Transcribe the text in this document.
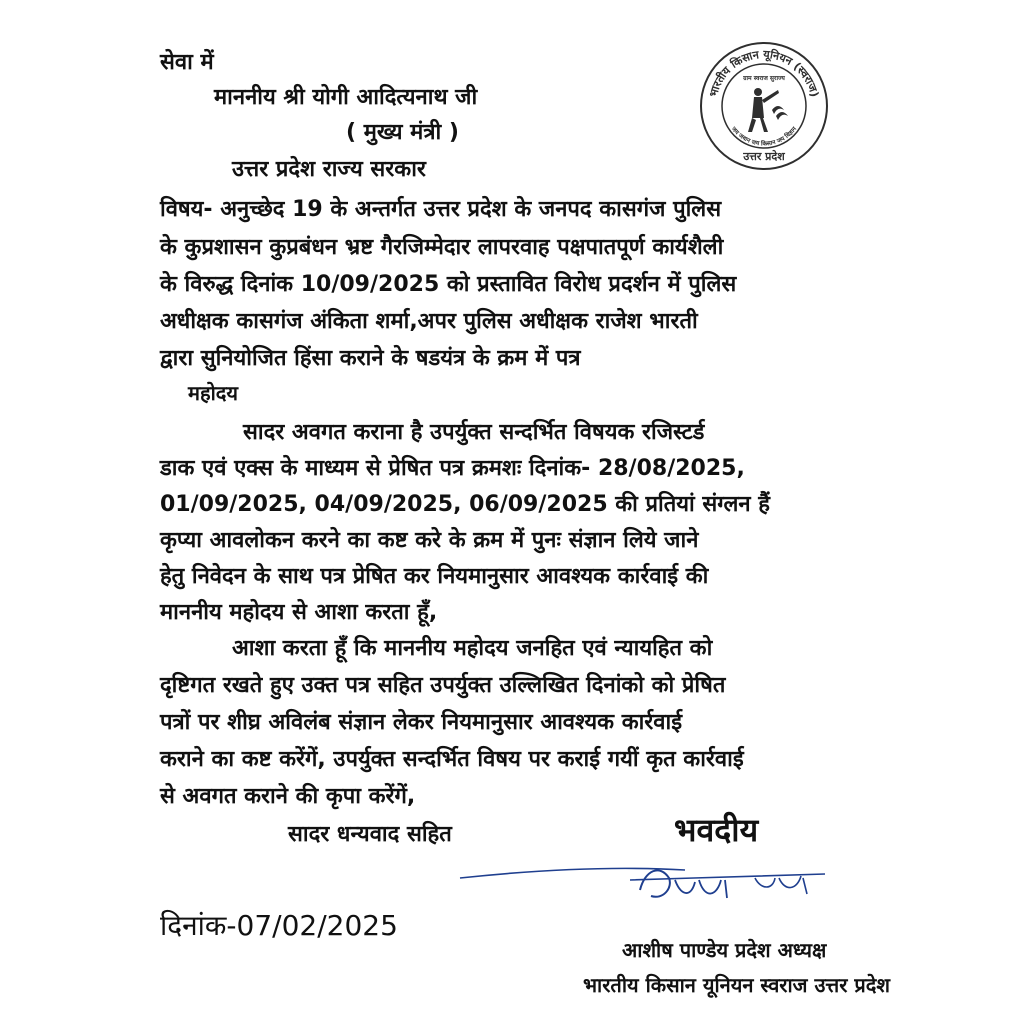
सेवा में
माननीय श्री योगी आदित्यनाथ जी
( मुख्य मंत्री )
उत्तर प्रदेश राज्य सरकार
भारतीय किसान यूनियन (स्वराज)
ग्राम स्वराज सुराज्य
जय जवान जय किसान जय विज्ञान
उत्तर प्रदेश
विषय- अनुच्छेद 19 के अन्तर्गत उत्तर प्रदेश के जनपद कासगंज पुलिस
के कुप्रशासन कुप्रबंधन भ्रष्ट गैरजिम्मेदार लापरवाह पक्षपातपूर्ण कार्यशैली
के विरुद्ध दिनांक 10/09/2025 को प्रस्तावित विरोध प्रदर्शन में पुलिस
अधीक्षक कासगंज अंकिता शर्मा,अपर पुलिस अधीक्षक राजेश भारती
द्वारा सुनियोजित हिंसा कराने के षडयंत्र के क्रम में पत्र
महोदय
सादर अवगत कराना है उपर्युक्त सन्दर्भित विषयक रजिस्टर्ड
डाक एवं एक्स के माध्यम से प्रेषित पत्र क्रमशः दिनांक- 28/08/2025,
01/09/2025, 04/09/2025, 06/09/2025 की प्रतियां संग्लन हैं
कृप्या आवलोकन करने का कष्ट करे के क्रम में पुनः संज्ञान लिये जाने
हेतु निवेदन के साथ पत्र प्रेषित कर नियमानुसार आवश्यक कार्रवाई की
माननीय महोदय से आशा करता हूँ,
आशा करता हूँ कि माननीय महोदय जनहित एवं न्यायहित को
दृष्टिगत रखते हुए उक्त पत्र सहित उपर्युक्त उल्लिखित दिनांको को प्रेषित
पत्रों पर शीघ्र अविलंब संज्ञान लेकर नियमानुसार आवश्यक कार्रवाई
कराने का कष्ट करेंगें, उपर्युक्त सन्दर्भित विषय पर कराई गयीं कृत कार्रवाई
से अवगत कराने की कृपा करेंगें,
सादर धन्यवाद सहित	भवदीय
दिनांक-07/02/2025
आशीष पाण्डेय प्रदेश अध्यक्ष
भारतीय किसान यूनियन स्वराज उत्तर प्रदेश
